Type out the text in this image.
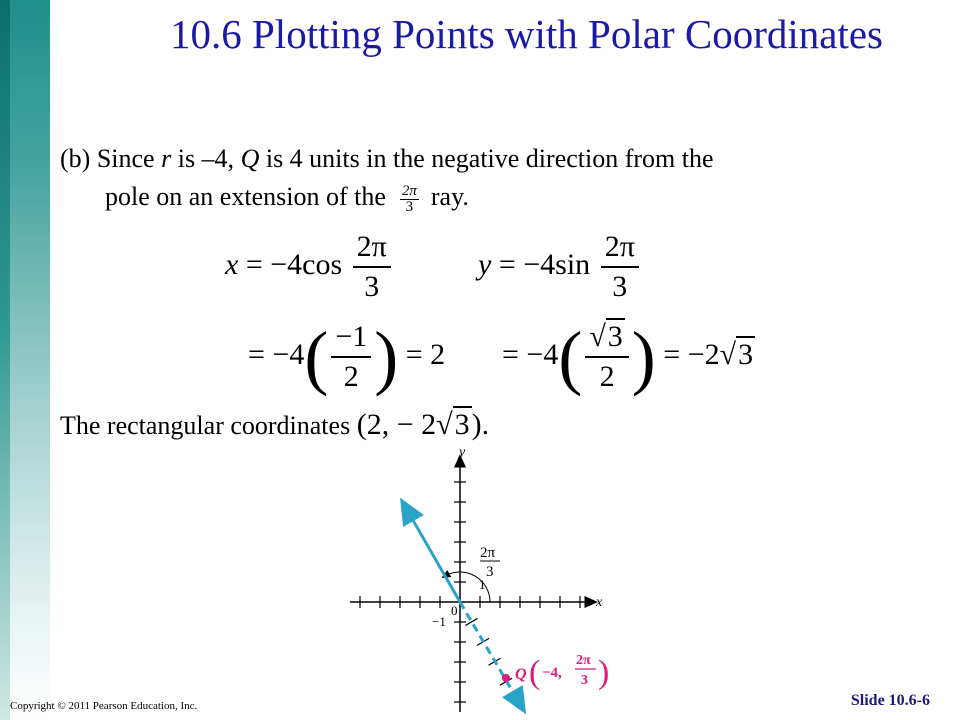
10.6 Plotting Points with Polar Coordinates
(b) Since r is –4, Q is 4 units in the negative direction from the
pole on an extension of the $\frac{2\pi}{3}$ ray.
$x = -4\cos \frac{2\pi}{3}$	$y = -4\sin \frac{2\pi}{3}$
= $-4( \frac{-1}{2}$ ) = $2 = -4( \frac{√3}{2}$ ) = −2√3
The rectangular coordinates (2, − 2√3).
y
x
0
−1
1
2π
3
Q ( −4,
2π
3 )
Copyright © 2011 Pearson Education, Inc.	Slide 10.6-6
